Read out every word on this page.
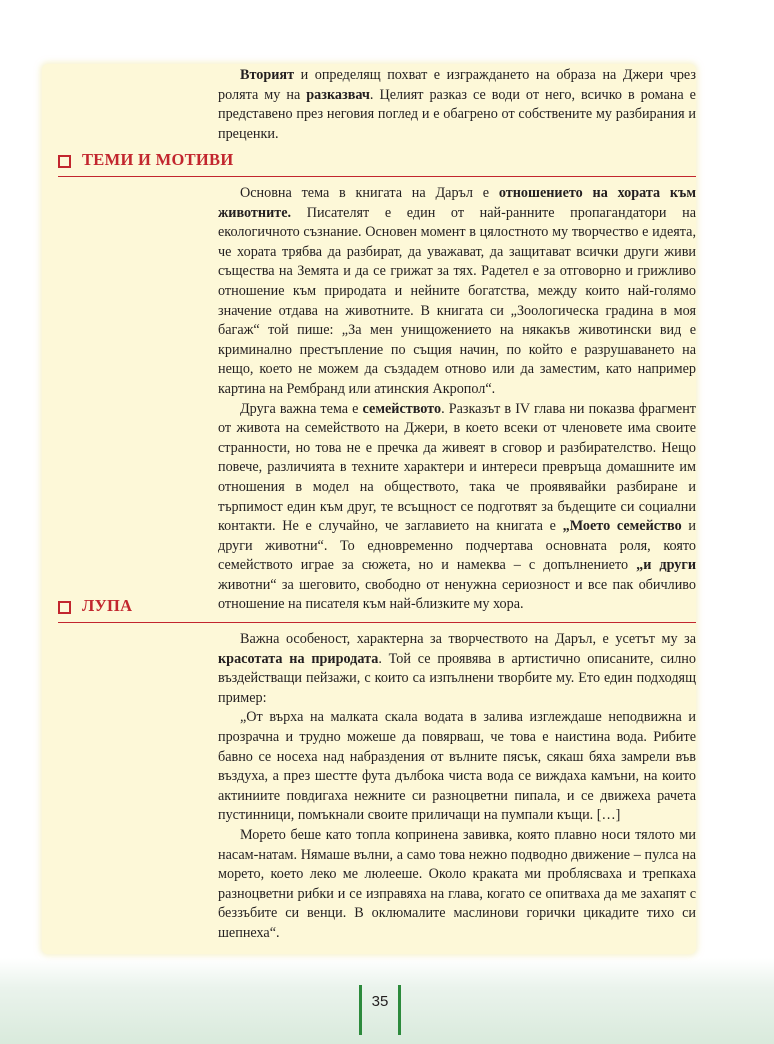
Вторият и определящ похват е изграждането на образа на Джери чрез ролята му на разказвач. Целият разказ се води от него, всичко в романа е представено през неговия поглед и е обагрено от собствените му разбирания и преценки.

ТЕМИ И МОТИВИ

Основна тема в книгата на Даръл е отношението на хората към животните. Писателят е един от най-ранните пропагандатори на екологичното съзнание. Основен момент в цялостното му творчество е идеята, че хората трябва да разбират, да уважават, да защитават всички други живи същества на Земята и да се грижат за тях. Радетел е за отговорно и грижливо отношение към природата и нейните богатства, между които най-голямо значение отдава на животните. В книгата си „Зоологическа градина в моя багаж“ той пише: „За мен унищожението на някакъв животински вид е криминално престъпление по същия начин, по който е разрушаването на нещо, което не можем да създадем отново или да заместим, като например картина на Рембранд или атинския Акропол“.

Друга важна тема е семейството. Разказът в IV глава ни показва фрагмент от живота на семейството на Джери, в което всеки от членовете има своите странности, но това не е пречка да живеят в сговор и разбирателство. Нещо повече, различията в техните характери и интереси превръща домашните им отношения в модел на обществото, така че проявявайки разбиране и търпимост един към друг, те всъщност се подготвят за бъдещите си социални контакти. Не е случайно, че заглавието на книгата е „Моето семейство и други животни“. То едновременно подчертава основната роля, която семейството играе за сюжета, но и намеква – с допълнението „и други животни“ за шеговито, свободно от ненужна сериозност и все пак обичливо отношение на писателя към най-близките му хора.

ЛУПА

Важна особеност, характерна за творчеството на Даръл, е усетът му за красотата на природата. Той се проявява в артистично описаните, силно въздействащи пейзажи, с които са изпълнени творбите му. Ето един подходящ пример:

„От върха на малката скала водата в залива изглеждаше неподвижна и прозрачна и трудно можеше да повярваш, че това е наистина вода. Рибите бавно се носеха над набраздения от вълните пясък, сякаш бяха замрели във въздуха, а през шестте фута дълбока чиста вода се виждаха камъни, на които актиниите повдигаха нежните си разноцветни пипала, и се движеха рачета пустинници, помъкнали своите приличащи на пумпали къщи. […]

Морето беше като топла копринена завивка, която плавно носи тялото ми насам-натам. Нямаше вълни, а само това нежно подводно движение – пулса на морето, което леко ме люлееше. Около краката ми проблясваха и трепкаха разноцветни рибки и се изправяха на глава, когато се опитваха да ме захапят с беззъбите си венци. В оклюмалите маслинови горички цикадите тихо си шепнеха“.

35
